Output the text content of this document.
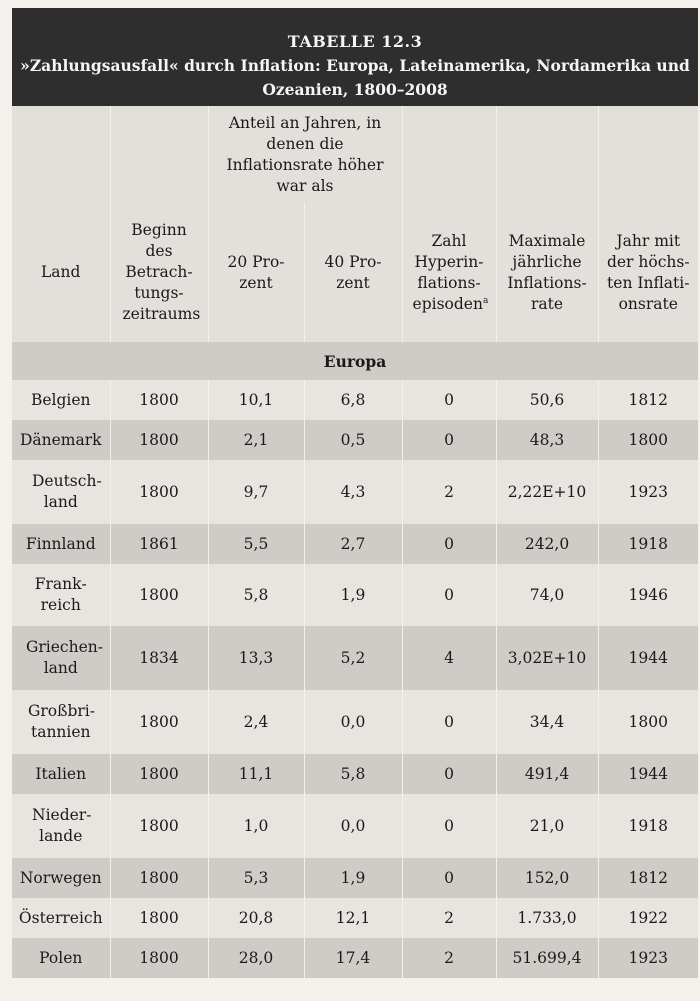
TABELLE 12.3
»Zahlungsausfall« durch Inflation: Europa, Lateinamerika, Nordamerika und
Ozeanien, 1800–2008
		Anteil an Jahren, in denen die Inflationsrate höher war als				
Land	Beginn des Betrachtungszeitraums	20 Prozent	40 Prozent	Zahl Hyperinflationsepisoden$^a$	Maximale jährliche Inflationsrate	Jahr mit der höchsten Inflationsrate
Europa						
Belgien	1800	10,1	6,8	0	50,6	1812
Dänemark	1800	2,1	0,5	0	48,3	1800
Deutschland	1800	9,7	4,3	2	2,22E+10	1923
Finnland	1861	5,5	2,7	0	242,0	1918
Frankreich	1800	5,8	1,9	0	74,0	1946
Griechenland	1834	13,3	5,2	4	3,02E+10	1944
Großbritannien	1800	2,4	0,0	0	34,4	1800
Italien	1800	11,1	5,8	0	491,4	1944
Niederlande	1800	1,0	0,0	0	21,0	1918
Norwegen	1800	5,3	1,9	0	152,0	1812
Österreich	1800	20,8	12,1	2	1.733,0	1922
Polen	1800	28,0	17,4	2	51.699,4	1923
